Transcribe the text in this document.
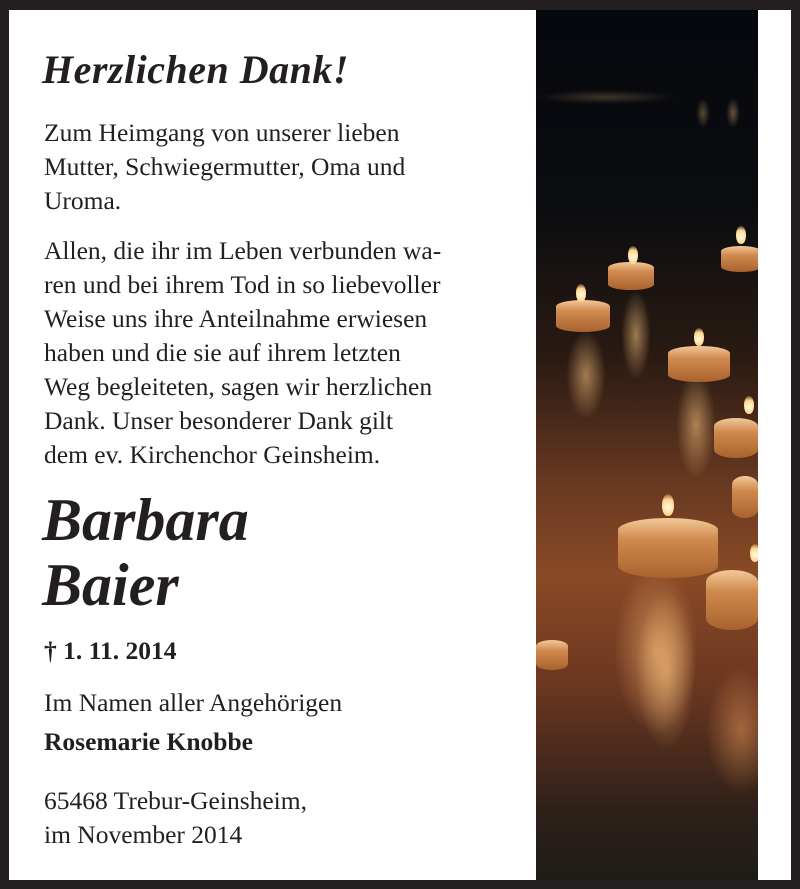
Herzlichen Dank!

Zum Heimgang von unserer lieben
Mutter, Schwiegermutter, Oma und
Uroma.

Allen, die ihr im Leben verbunden wa-
ren und bei ihrem Tod in so liebevoller
Weise uns ihre Anteilnahme erwiesen
haben und die sie auf ihrem letzten
Weg begleiteten, sagen wir herzlichen
Dank. Unser besonderer Dank gilt
dem ev. Kirchenchor Geinsheim.

Barbara
Baier

† 1. 11. 2014

Im Namen aller Angehörigen

Rosemarie Knobbe

65468 Trebur-Geinsheim,
im November 2014
